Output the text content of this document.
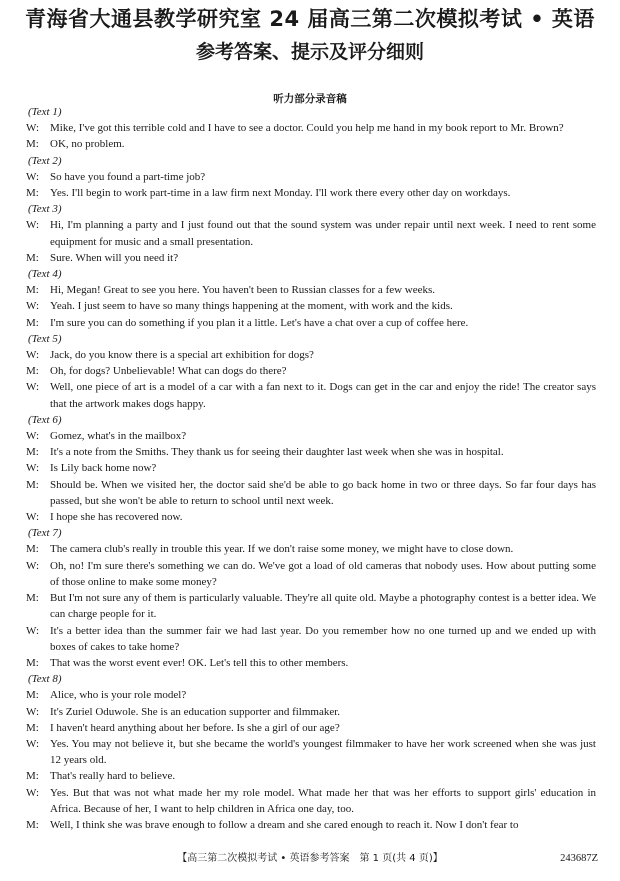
青海省大通县教学研究室 24 届高三第二次模拟考试 • 英语
参考答案、提示及评分细则
听力部分录音稿

(Text 1)

W: Mike, I've got this terrible cold and I have to see a doctor. Could you help me hand in my book report to Mr. Brown?

M: OK, no problem.

(Text 2)

W: So have you found a part-time job?

M: Yes. I'll begin to work part-time in a law firm next Monday. I'll work there every other day on workdays.

(Text 3)

W: Hi, I'm planning a party and I just found out that the sound system was under repair until next week. I need to rent some equipment for music and a small presentation.

M: Sure. When will you need it?

(Text 4)

M: Hi, Megan! Great to see you here. You haven't been to Russian classes for a few weeks.

W: Yeah. I just seem to have so many things happening at the moment, with work and the kids.

M: I'm sure you can do something if you plan it a little. Let's have a chat over a cup of coffee here.

(Text 5)

W: Jack, do you know there is a special art exhibition for dogs?

M: Oh, for dogs? Unbelievable! What can dogs do there?

W: Well, one piece of art is a model of a car with a fan next to it. Dogs can get in the car and enjoy the ride! The creator says that the artwork makes dogs happy.

(Text 6)

W: Gomez, what's in the mailbox?

M: It's a note from the Smiths. They thank us for seeing their daughter last week when she was in hospital.

W: Is Lily back home now?

M: Should be. When we visited her, the doctor said she'd be able to go back home in two or three days. So far four days has passed, but she won't be able to return to school until next week.

W: I hope she has recovered now.

(Text 7)

M: The camera club's really in trouble this year. If we don't raise some money, we might have to close down.

W: Oh, no! I'm sure there's something we can do. We've got a load of old cameras that nobody uses. How about putting some of those online to make some money?

M: But I'm not sure any of them is particularly valuable. They're all quite old. Maybe a photography contest is a better idea. We can charge people for it.

W: It's a better idea than the summer fair we had last year. Do you remember how no one turned up and we ended up with boxes of cakes to take home?

M: That was the worst event ever! OK. Let's tell this to other members.

(Text 8)

M: Alice, who is your role model?

W: It's Zuriel Oduwole. She is an education supporter and filmmaker.

M: I haven't heard anything about her before. Is she a girl of our age?

W: Yes. You may not believe it, but she became the world's youngest filmmaker to have her work screened when she was just 12 years old.

M: That's really hard to believe.

W: Yes. But that was not what made her my role model. What made her that was her efforts to support girls' education in Africa. Because of her, I want to help children in Africa one day, too.

M: Well, I think she was brave enough to follow a dream and she cared enough to reach it. Now I don't fear to

【高三第二次模拟考试 • 英语参考答案　第 1 页(共 4 页)】	243687Z
